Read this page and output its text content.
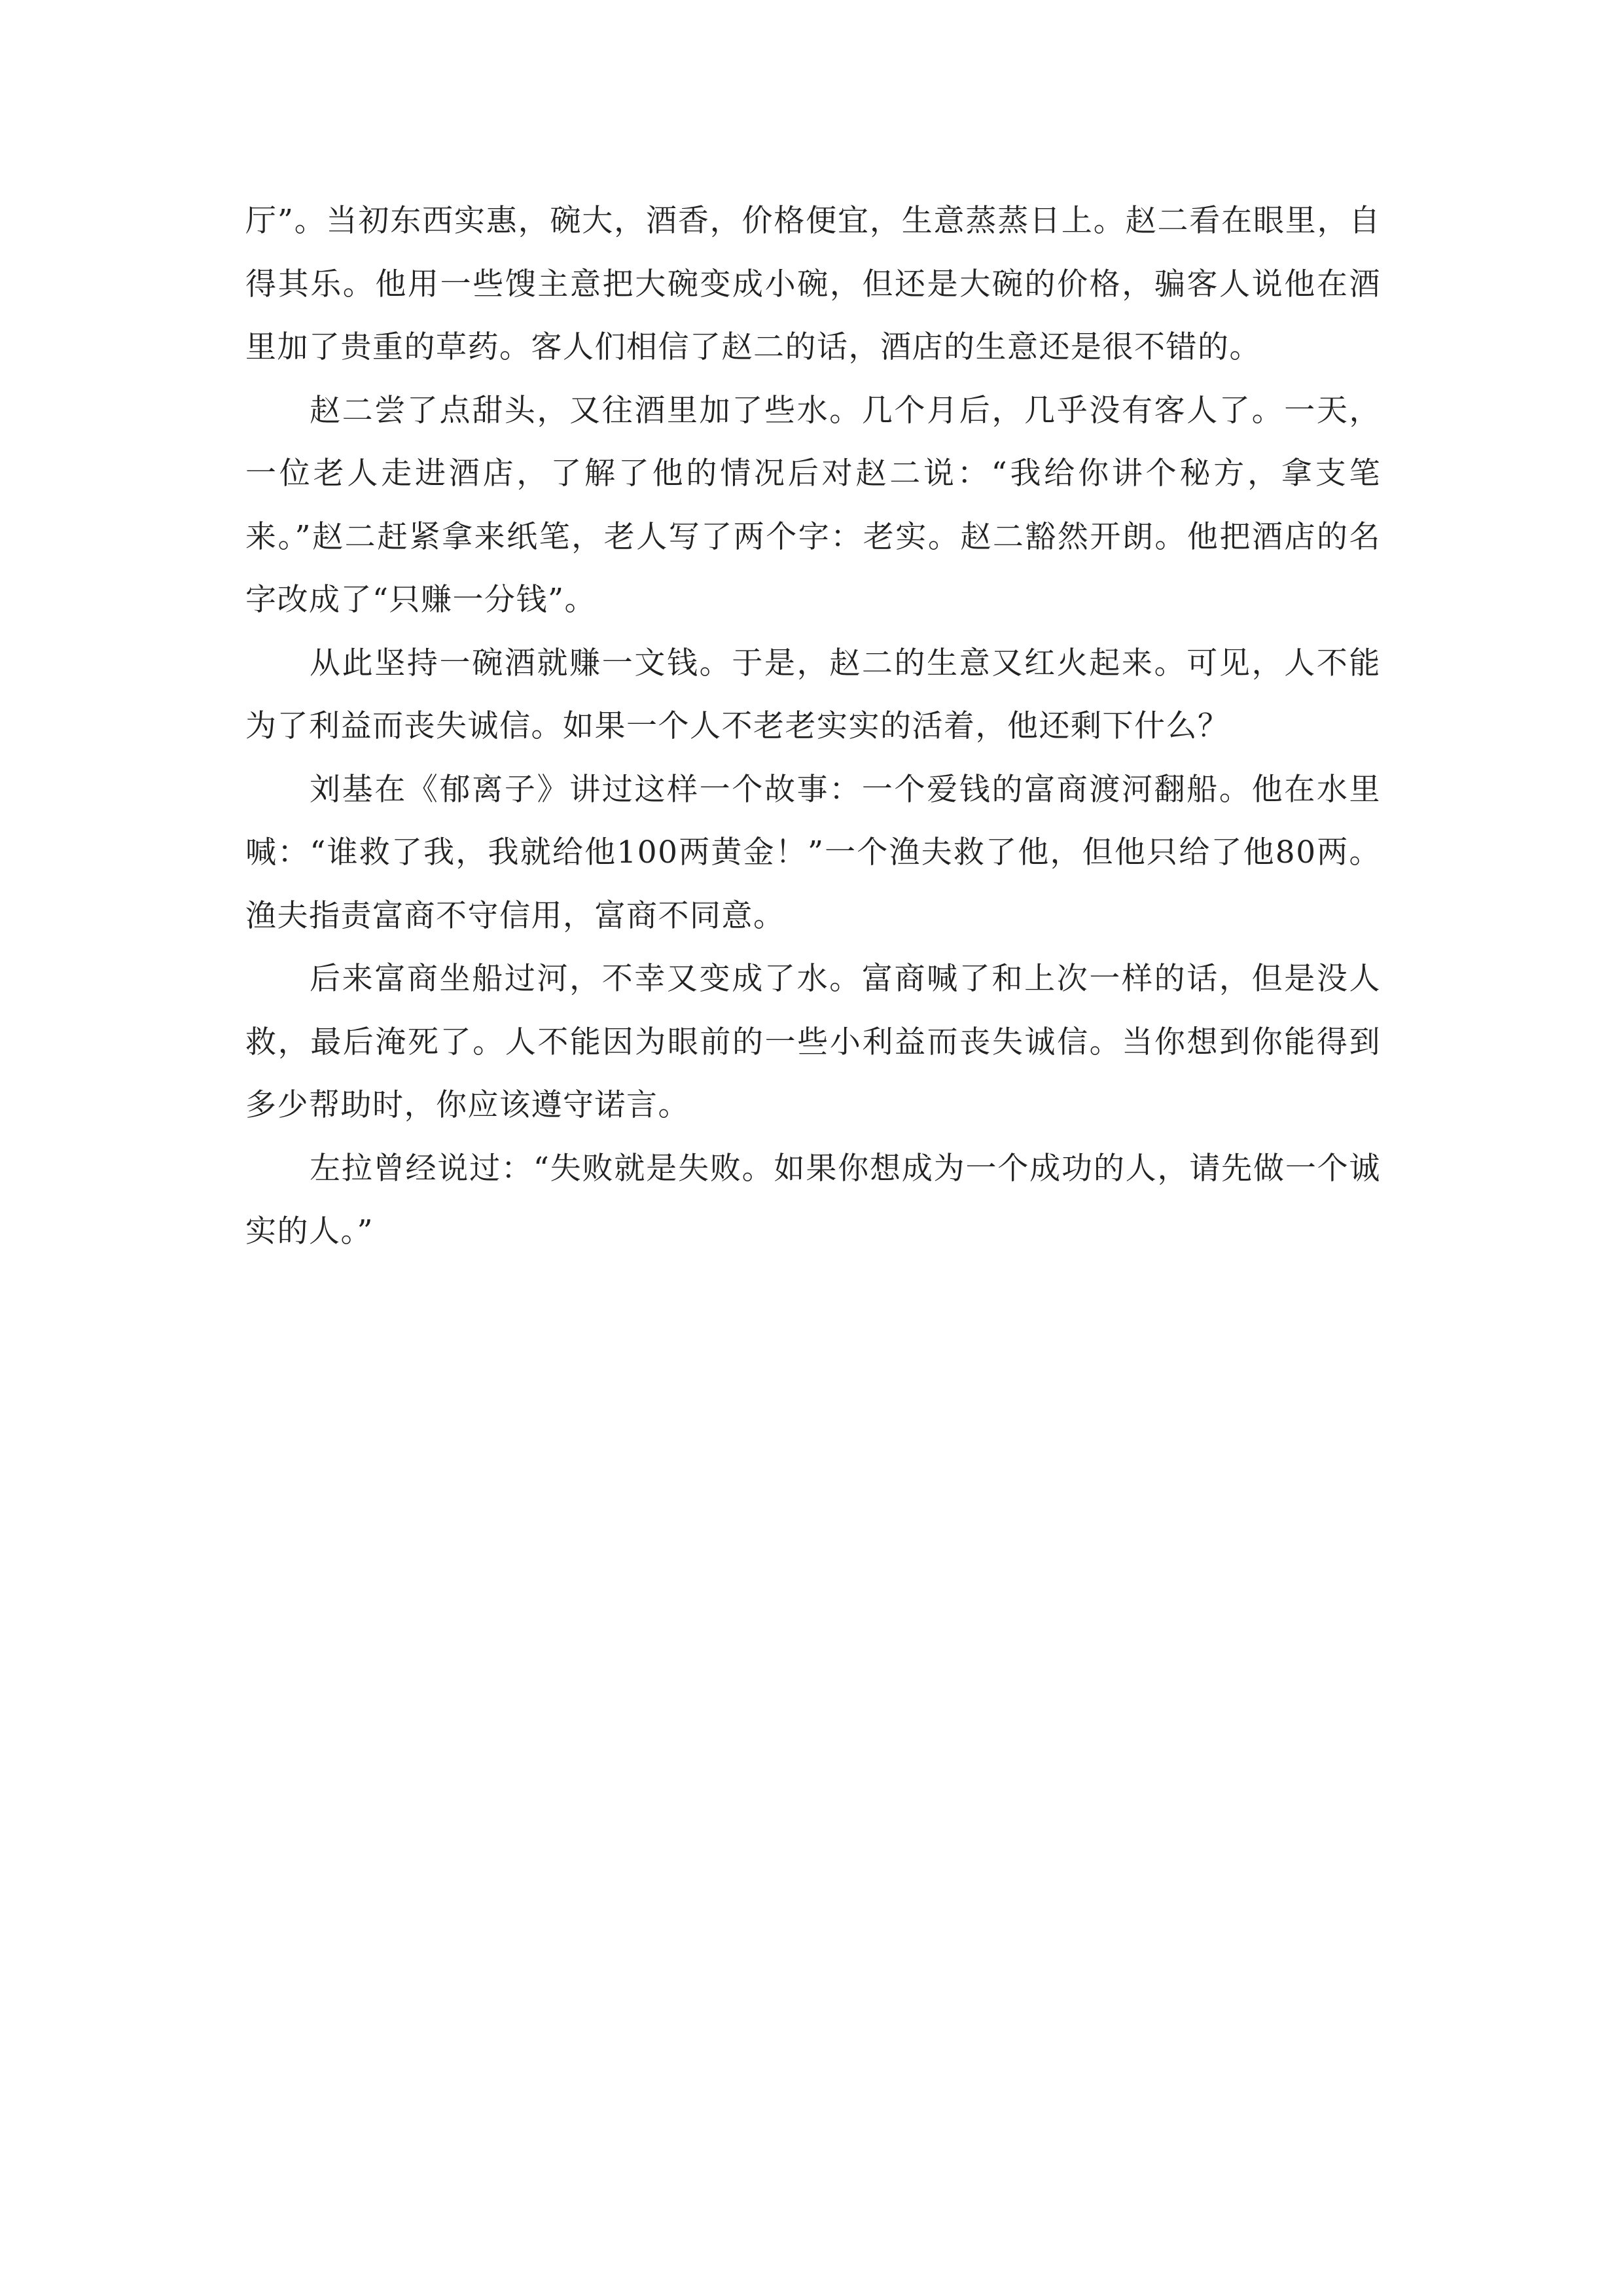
厅”。当初东西实惠，碗大，酒香，价格便宜，生意蒸蒸日上。赵二看在眼里，自得其乐。他用一些馊主意把大碗变成小碗，但还是大碗的价格，骗客人说他在酒里加了贵重的草药。客人们相信了赵二的话，酒店的生意还是很不错的。

赵二尝了点甜头，又往酒里加了些水。几个月后，几乎没有客人了。一天，一位老人走进酒店，了解了他的情况后对赵二说：“我给你讲个秘方，拿支笔来。”赵二赶紧拿来纸笔，老人写了两个字：老实。赵二豁然开朗。他把酒店的名字改成了“只赚一分钱”。

从此坚持一碗酒就赚一文钱。于是，赵二的生意又红火起来。可见，人不能为了利益而丧失诚信。如果一个人不老老实实的活着，他还剩下什么？

刘基在《郁离子》讲过这样一个故事：一个爱钱的富商渡河翻船。他在水里喊：“谁救了我，我就给他100两黄金！”一个渔夫救了他，但他只给了他80两。渔夫指责富商不守信用，富商不同意。

后来富商坐船过河，不幸又变成了水。富商喊了和上次一样的话，但是没人救，最后淹死了。人不能因为眼前的一些小利益而丧失诚信。当你想到你能得到多少帮助时，你应该遵守诺言。

左拉曾经说过：“失败就是失败。如果你想成为一个成功的人，请先做一个诚实的人。”
